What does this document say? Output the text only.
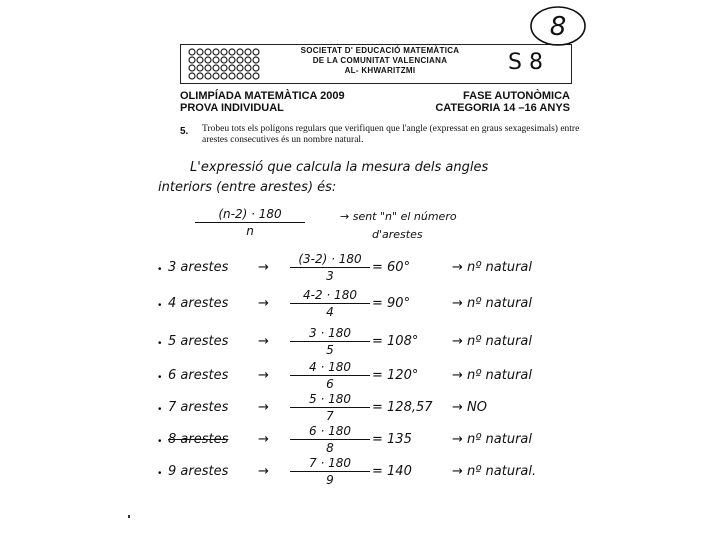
SOCIETAT D' EDUCACIÓ MATEMÀTICA
DE LA COMUNITAT VALENCIANA
AL- KHWARITZMI	S 8
OLIMPÍADA MATEMÀTICA 2009
PROVA INDIVIDUAL
FASE AUTONÒMICA
CATEGORIA 14 –16 ANYS
5. Trobeu tots els polígons regulars que verifiquen que l'angle (expressat en graus sexagesimals) entre arestes consecutives és un nombre natural.
8
L'expressió que calcula la mesura dels angles
interiors (entre arestes) és:
$\frac{(n-2) \cdot 180}{n}$	→ sent "n" el número
d'arestes
• 3 arestes → $\frac{(3-2) \cdot 180}{3} = 60^\circ$	→ nº natural
• 4 arestes → $\frac{4-2 \cdot 180}{4} = 90^\circ$	→ nº natural
• 5 arestes → $\frac{3 \cdot 180}{5} = 108^\circ$	→ nº natural
• 6 arestes → $\frac{4 \cdot 180}{6} = 120^\circ$	→ nº natural
• 7 arestes → $\frac{5 \cdot 180}{7} = 128,57$ → NO
• 8 arestes → $\frac{6 \cdot 180}{8} = 135$	→ nº natural
• 9 arestes → $\frac{7 \cdot 180}{9} = 140$	→ nº natural.
